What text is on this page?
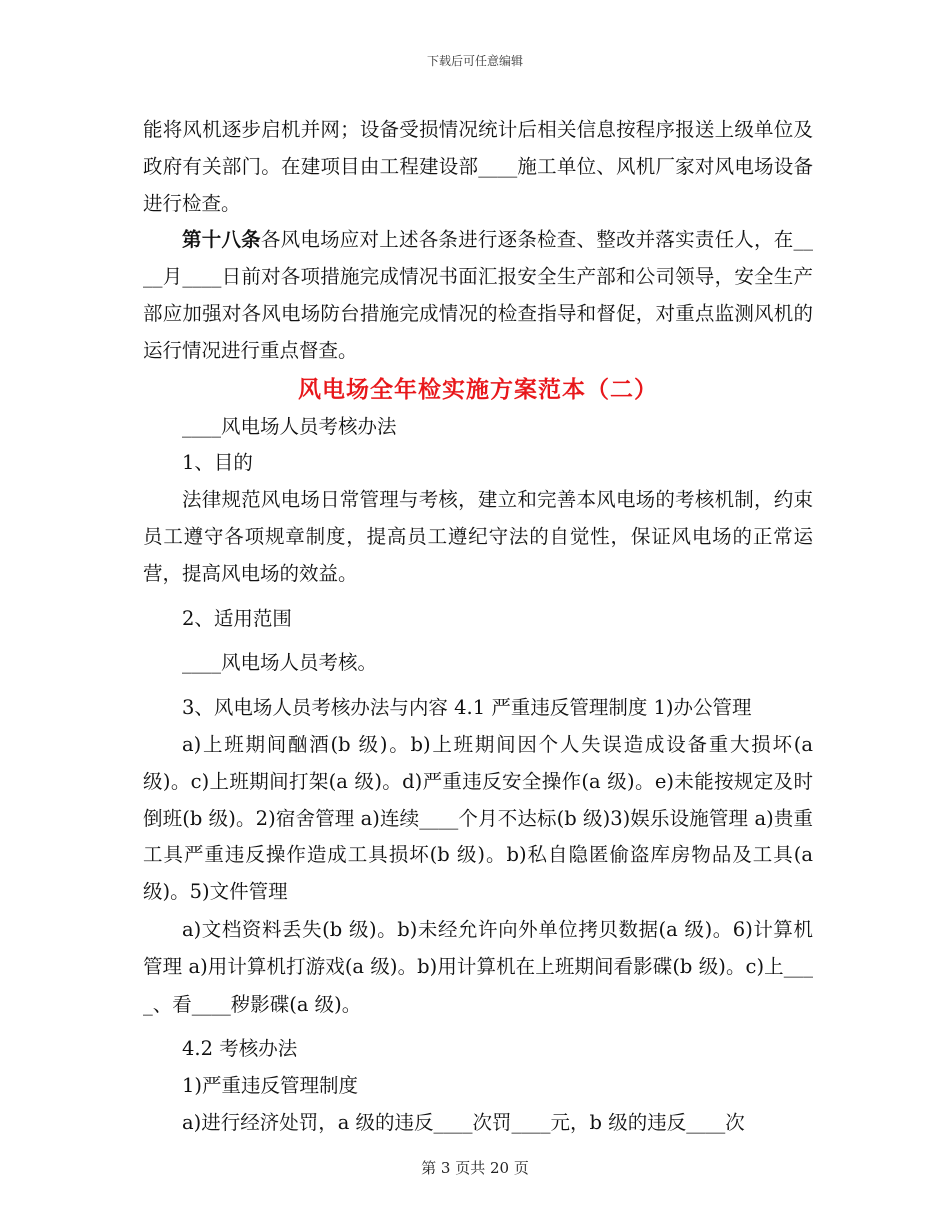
下载后可任意编辑

能将风机逐步启机并网；设备受损情况统计后相关信息按程序报送上级单位及政府有关部门。在建项目由工程建设部____施工单位、风机厂家对风电场设备进行检查。

第十八条各风电场应对上述各条进行逐条检查、整改并落实责任人，在____月____日前对各项措施完成情况书面汇报安全生产部和公司领导，安全生产部应加强对各风电场防台措施完成情况的检查指导和督促，对重点监测风机的运行情况进行重点督查。

风电场全年检实施方案范本（二）

____风电场人员考核办法

1、目的

法律规范风电场日常管理与考核，建立和完善本风电场的考核机制，约束员工遵守各项规章制度，提高员工遵纪守法的自觉性，保证风电场的正常运营，提高风电场的效益。

2、适用范围

____风电场人员考核。

3、风电场人员考核办法与内容 4.1 严重违反管理制度 1)办公管理

a)上班期间酗酒(b 级)。b)上班期间因个人失误造成设备重大损坏(a 级)。c)上班期间打架(a 级)。d)严重违反安全操作(a 级)。e)未能按规定及时倒班(b 级)。2)宿舍管理 a)连续____个月不达标(b 级)3)娱乐设施管理 a)贵重工具严重违反操作造成工具损坏(b 级)。b)私自隐匿偷盗库房物品及工具(a 级)。5)文件管理

a)文档资料丢失(b 级)。b)未经允许向外单位拷贝数据(a 级)。6)计算机管理 a)用计算机打游戏(a 级)。b)用计算机在上班期间看影碟(b 级)。c)上____、看____秽影碟(a 级)。

4.2 考核办法

1)严重违反管理制度

a)进行经济处罚，a 级的违反____次罚____元，b 级的违反____次

第 3 页共 20 页
